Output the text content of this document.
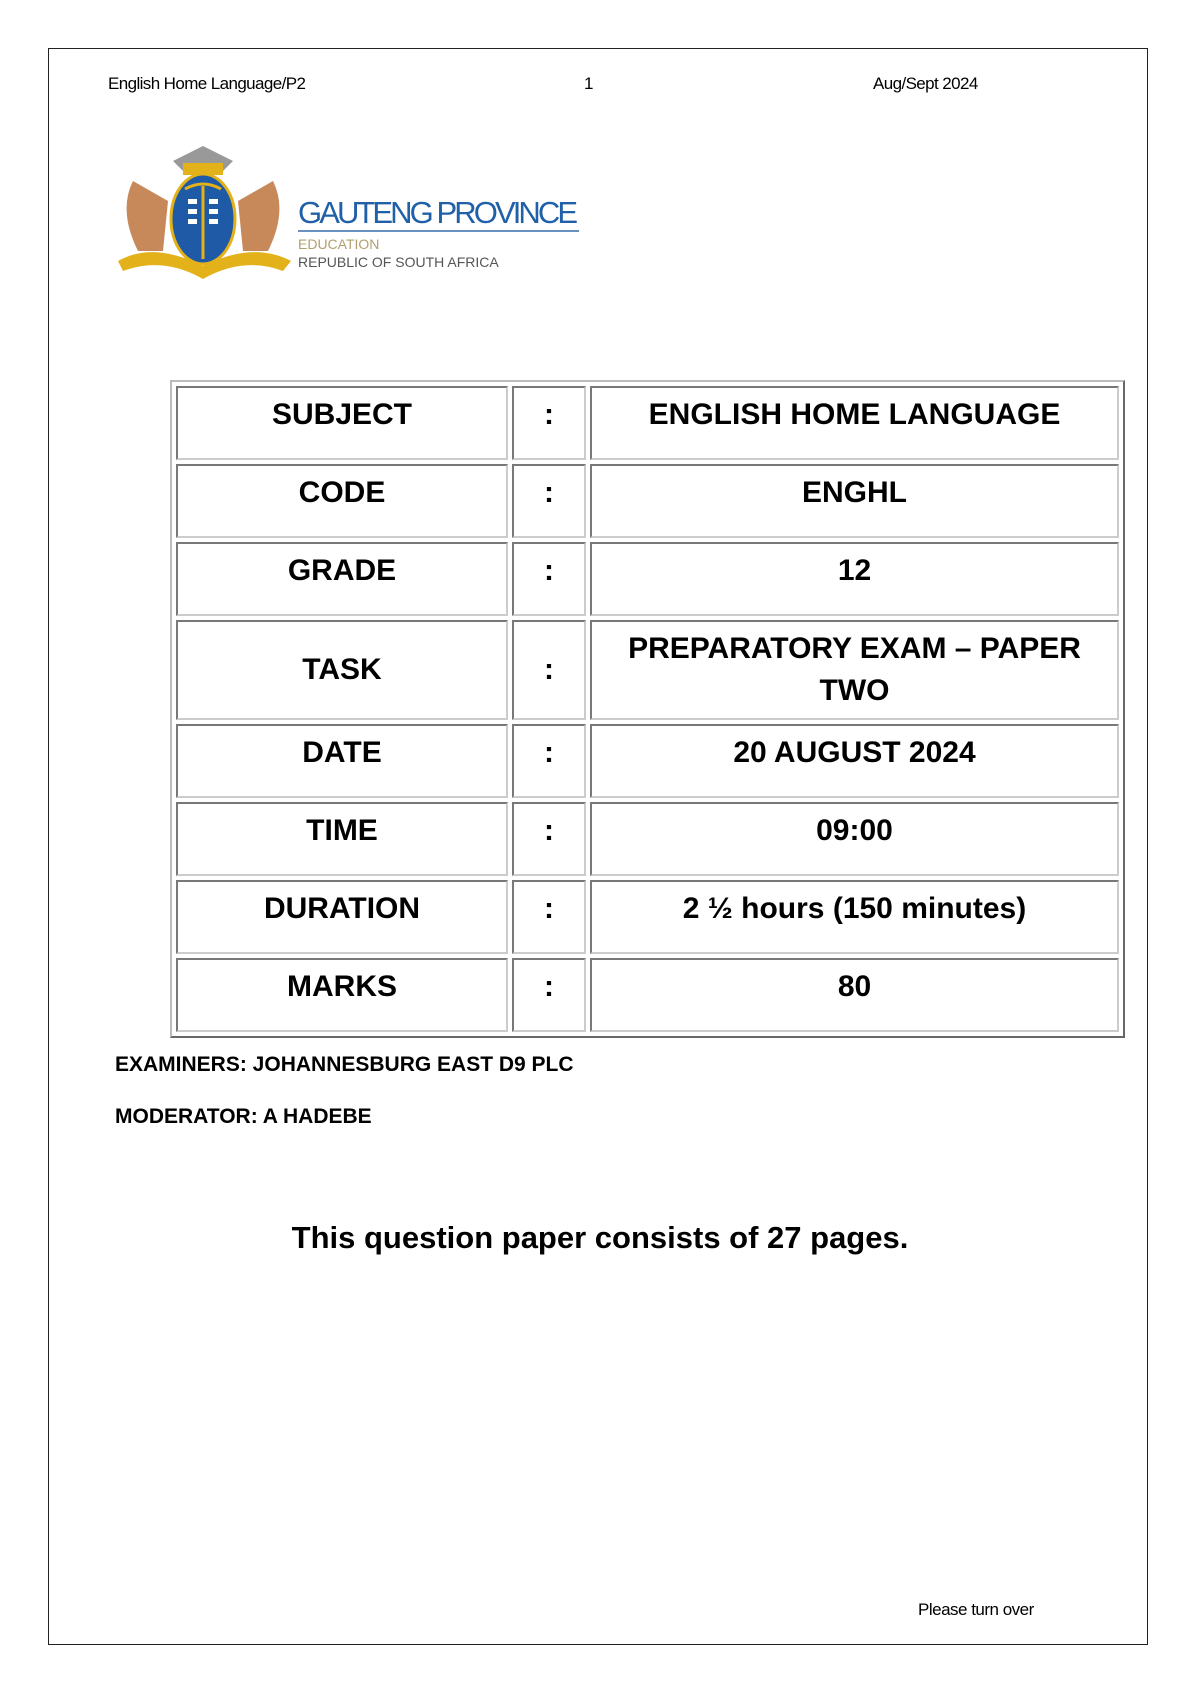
English Home Language/P2	1	Aug/Sept 2024
GAUTENG PROVINCE
EDUCATION
REPUBLIC OF SOUTH AFRICA
SUBJECT	:	ENGLISH HOME LANGUAGE
CODE	:	ENGHL
GRADE	:	12
TASK	:	PREPARATORY EXAM – PAPER TWO
DATE	:	20 AUGUST 2024
TIME	:	09:00
DURATION	:	2 ½ hours (150 minutes)
MARKS	:	80
EXAMINERS: JOHANNESBURG EAST D9 PLC
MODERATOR: A HADEBE
This question paper consists of 27 pages.
Please turn over
